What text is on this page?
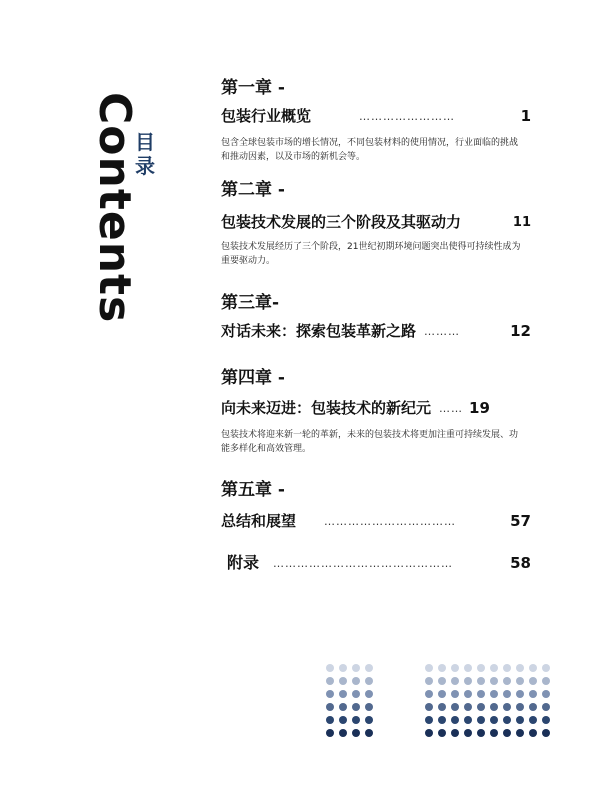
Contents
目
录
第一章 -
包装行业概览	……………………	1
包含全球包装市场的增长情况，不同包装材料的使用情况，行业面临的挑战和推动因素，以及市场的新机会等。
第二章 -
包装技术发展的三个阶段及其驱动力	11
包装技术发展经历了三个阶段，21世纪初期环境问题突出使得可持续性成为重要驱动力。
第三章-
对话未来：探索包装革新之路 ………	12
第四章 -
向未来迈进：包装技术的新纪元 …… 19
包装技术将迎来新一轮的革新，未来的包装技术将更加注重可持续发展、功能多样化和高效管理。
第五章 -
总结和展望	……………………………	57
附录 ………………………………………	58
